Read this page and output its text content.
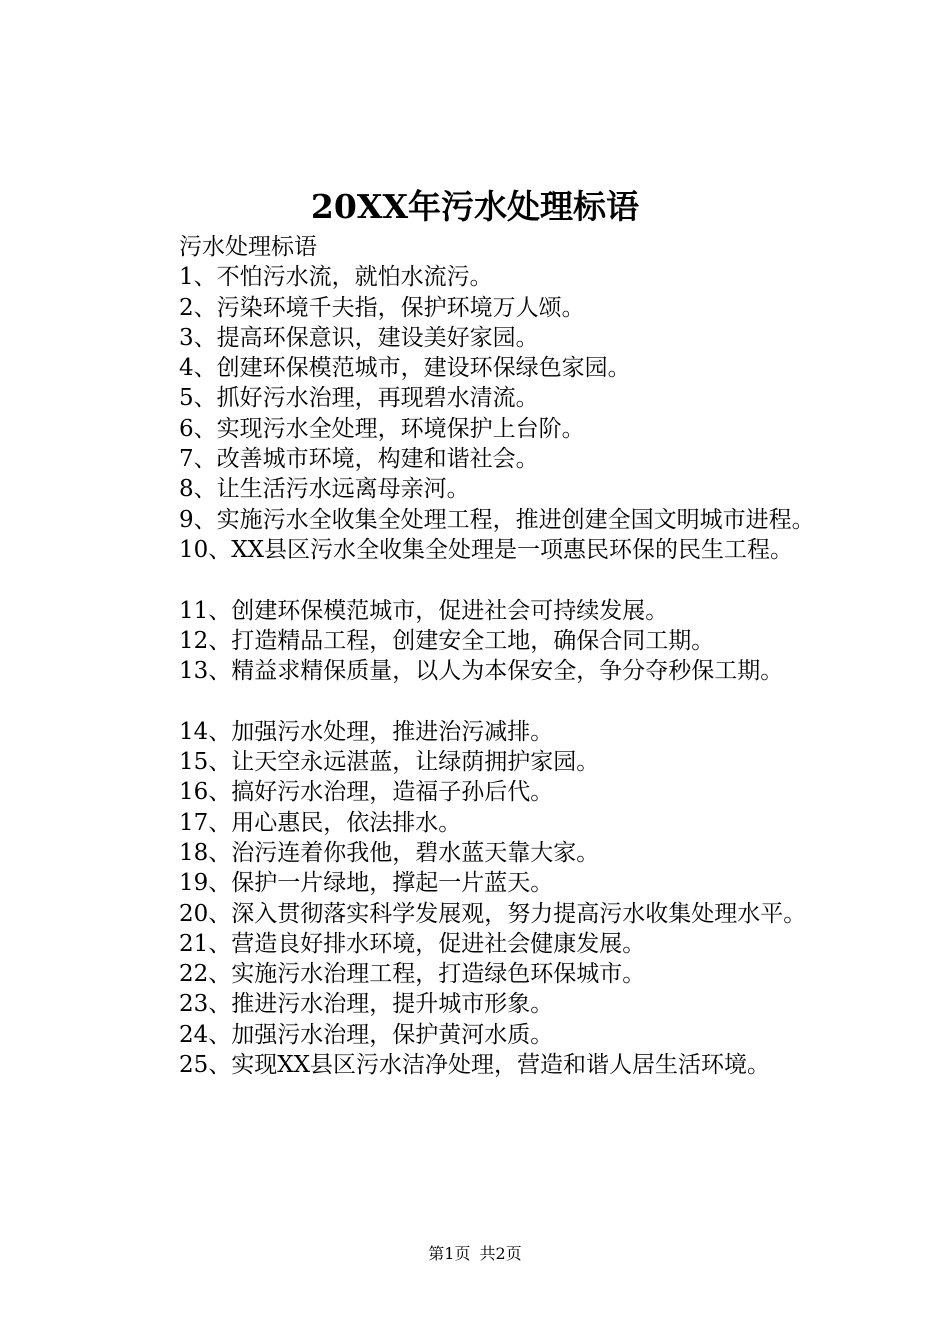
20XX年污水处理标语
污水处理标语
1、不怕污水流，就怕水流污。
2、污染环境千夫指，保护环境万人颂。
3、提高环保意识，建设美好家园。
4、创建环保模范城市，建设环保绿色家园。
5、抓好污水治理，再现碧水清流。
6、实现污水全处理，环境保护上台阶。
7、改善城市环境，构建和谐社会。
8、让生活污水远离母亲河。
9、实施污水全收集全处理工程，推进创建全国文明城市进程。
10、XX县区污水全收集全处理是一项惠民环保的民生工程。
11、创建环保模范城市，促进社会可持续发展。
12、打造精品工程，创建安全工地，确保合同工期。
13、精益求精保质量，以人为本保安全，争分夺秒保工期。
14、加强污水处理，推进治污减排。
15、让天空永远湛蓝，让绿荫拥护家园。
16、搞好污水治理，造福子孙后代。
17、用心惠民，依法排水。
18、治污连着你我他，碧水蓝天靠大家。
19、保护一片绿地，撑起一片蓝天。
20、深入贯彻落实科学发展观，努力提高污水收集处理水平。
21、营造良好排水环境，促进社会健康发展。
22、实施污水治理工程，打造绿色环保城市。
23、推进污水治理，提升城市形象。
24、加强污水治理，保护黄河水质。
25、实现XX县区污水洁净处理，营造和谐人居生活环境。
第1页 共2页
